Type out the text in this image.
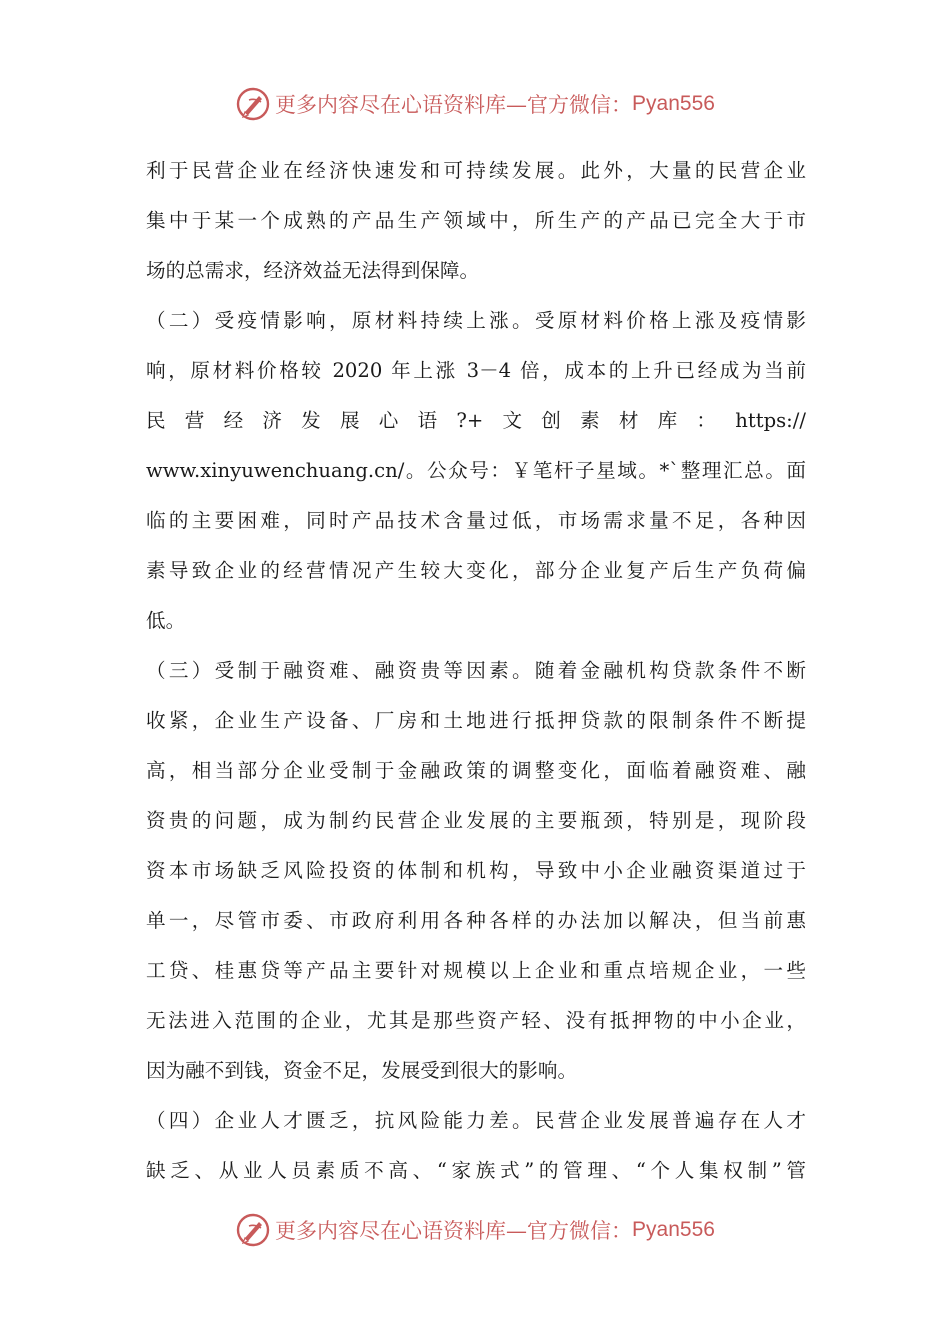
更多内容尽在心语资料库—官方微信： Pyan556
利于民营企业在经济快速发和可持续发展。此外，大量的民营企业
集中于某一个成熟的产品生产领域中，所生产的产品已完全大于市
场的总需求，经济效益无法得到保障。
（二）受疫情影响，原材料持续上涨。受原材料价格上涨及疫情影
响，原材料价格较 2020 年上涨 3－4 倍，成本的上升已经成为当前
民营经济发展心语?+文创素材库：https://
www.xinyuwenchuang.cn/。公众号：￥笔杆子星域。*`整理汇总。面
临的主要困难，同时产品技术含量过低，市场需求量不足，各种因
素导致企业的经营情况产生较大变化，部分企业复产后生产负荷偏
低。
（三）受制于融资难、融资贵等因素。随着金融机构贷款条件不断
收紧，企业生产设备、厂房和土地进行抵押贷款的限制条件不断提
高，相当部分企业受制于金融政策的调整变化，面临着融资难、融
资贵的问题，成为制约民营企业发展的主要瓶颈，特别是，现阶段
资本市场缺乏风险投资的体制和机构，导致中小企业融资渠道过于
单一，尽管市委、市政府利用各种各样的办法加以解决，但当前惠
工贷、桂惠贷等产品主要针对规模以上企业和重点培规企业，一些
无法进入范围的企业，尤其是那些资产轻、没有抵押物的中小企业，
因为融不到钱，资金不足，发展受到很大的影响。
（四）企业人才匮乏，抗风险能力差。民营企业发展普遍存在人才
缺乏、从业人员素质不高、“家族式”的管理、“个人集权制”管
更多内容尽在心语资料库—官方微信： Pyan556
